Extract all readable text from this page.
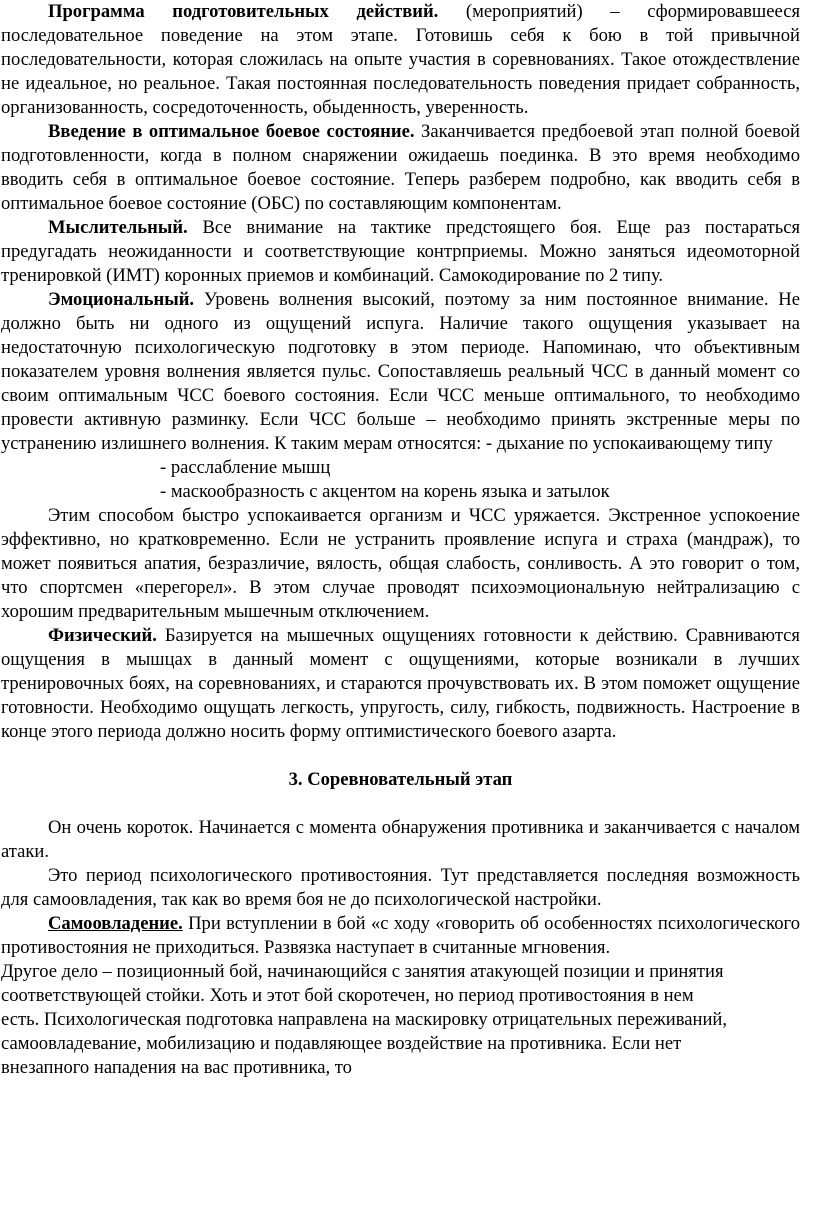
Программа подготовительных действий. (мероприятий) – сформировавшееся последовательное поведение на этом этапе. Готовишь себя к бою в той привычной последовательности, которая сложилась на опыте участия в соревнованиях. Такое отождествление не идеальное, но реальное. Такая постоянная последовательность поведения придает собранность, организованность, сосредоточенность, обыденность, уверенность.

Введение в оптимальное боевое состояние. Заканчивается предбоевой этап полной боевой подготовленности, когда в полном снаряжении ожидаешь поединка. В это время необходимо вводить себя в оптимальное боевое состояние. Теперь разберем подробно, как вводить себя в оптимальное боевое состояние (ОБС) по составляющим компонентам.

Мыслительный. Все внимание на тактике предстоящего боя. Еще раз постараться предугадать неожиданности и соответствующие контрприемы. Можно заняться идеомоторной тренировкой (ИМТ) коронных приемов и комбинаций. Самокодирование по 2 типу.

Эмоциональный. Уровень волнения высокий, поэтому за ним постоянное внимание. Не должно быть ни одного из ощущений испуга. Наличие такого ощущения указывает на недостаточную психологическую подготовку в этом периоде. Напоминаю, что объективным показателем уровня волнения является пульс. Сопоставляешь реальный ЧСС в данный момент со своим оптимальным ЧСС боевого состояния. Если ЧСС меньше оптимального, то необходимо провести активную разминку. Если ЧСС больше – необходимо принять экстренные меры по устранению излишнего волнения. К таким мерам относятся: - дыхание по успокаивающему типу

- расслабление мышц

- маскообразность с акцентом на корень языка и затылок

Этим способом быстро успокаивается организм и ЧСС уряжается. Экстренное успокоение эффективно, но кратковременно. Если не устранить проявление испуга и страха (мандраж), то может появиться апатия, безразличие, вялость, общая слабость, сонливость. А это говорит о том, что спортсмен «перегорел». В этом случае проводят психоэмоциональную нейтрализацию с хорошим предварительным мышечным отключением.

Физический. Базируется на мышечных ощущениях готовности к действию. Сравниваются ощущения в мышцах в данный момент с ощущениями, которые возникали в лучших тренировочных боях, на соревнованиях, и стараются прочувствовать их. В этом поможет ощущение готовности. Необходимо ощущать легкость, упругость, силу, гибкость, подвижность. Настроение в конце этого периода должно носить форму оптимистического боевого азарта.

3. Соревновательный этап

Он очень короток. Начинается с момента обнаружения противника и заканчивается с началом атаки.

Это период психологического противостояния. Тут представляется последняя возможность для самоовладения, так как во время боя не до психологической настройки.

Самоовладение. При вступлении в бой «с ходу «говорить об особенностях психологического противостояния не приходиться. Развязка наступает в считанные мгновения.

Другое дело – позиционный бой, начинающийся с занятия атакующей позиции и принятия
соответствующей стойки. Хоть и этот бой скоротечен, но период противостояния в нем
есть. Психологическая подготовка направлена на маскировку отрицательных переживаний,
самоовладевание, мобилизацию и подавляющее воздействие на противника. Если нет
внезапного нападения на вас противника, то
